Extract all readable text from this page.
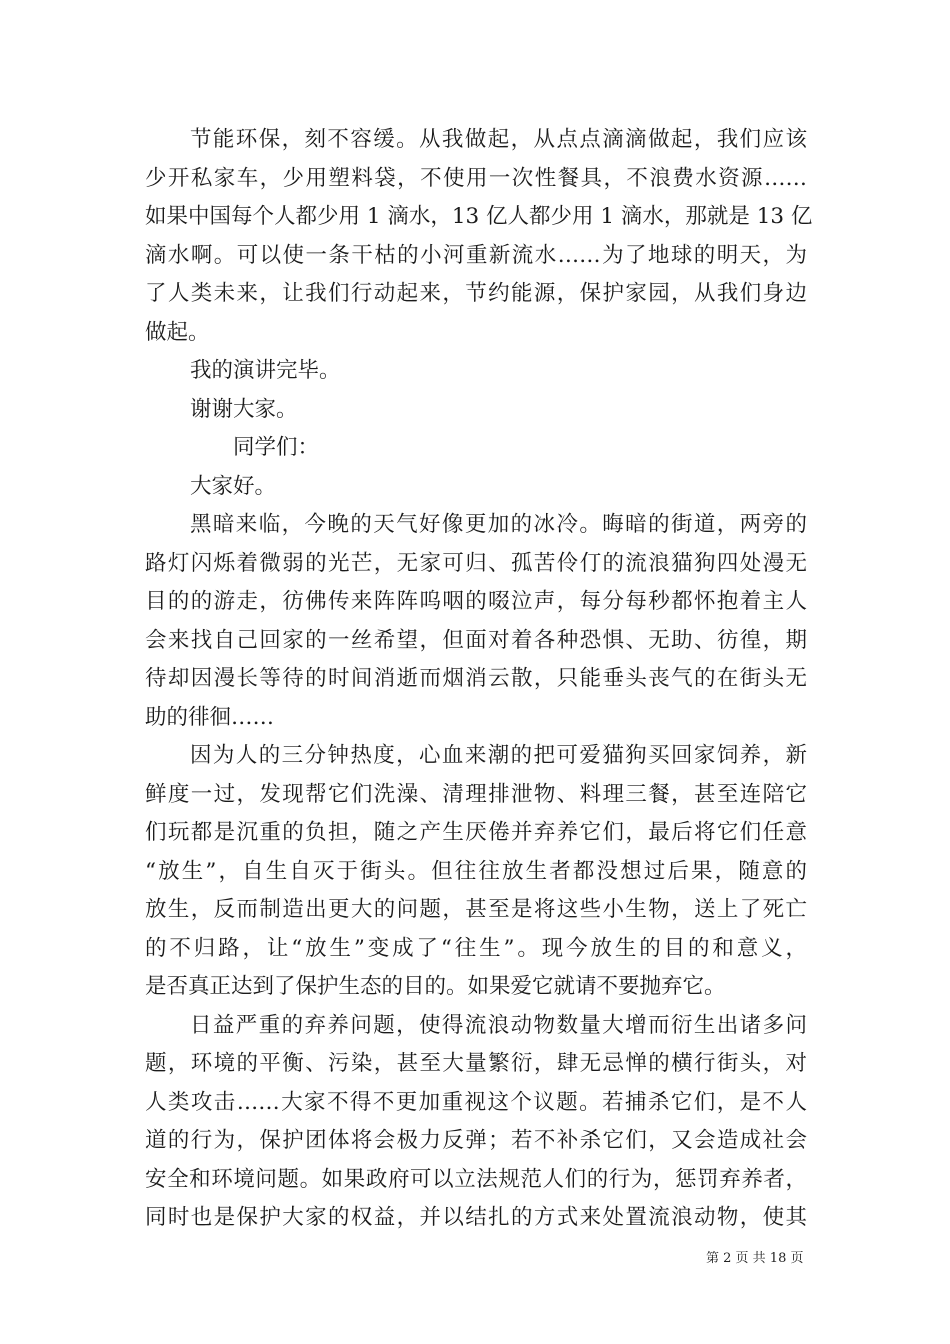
节能环保，刻不容缓。从我做起，从点点滴滴做起，我们应该
少开私家车，少用塑料袋，不使用一次性餐具，不浪费水资源……
如果中国每个人都少用 1 滴水，13 亿人都少用 1 滴水，那就是 13 亿
滴水啊。可以使一条干枯的小河重新流水……为了地球的明天，为
了人类未来，让我们行动起来，节约能源，保护家园，从我们身边
做起。
我的演讲完毕。
谢谢大家。
同学们：
大家好。
黑暗来临，今晚的天气好像更加的冰冷。晦暗的街道，两旁的
路灯闪烁着微弱的光芒，无家可归、孤苦伶仃的流浪猫狗四处漫无
目的的游走，彷佛传来阵阵呜咽的啜泣声，每分每秒都怀抱着主人
会来找自己回家的一丝希望，但面对着各种恐惧、无助、彷徨，期
待却因漫长等待的时间消逝而烟消云散，只能垂头丧气的在街头无
助的徘徊……
因为人的三分钟热度，心血来潮的把可爱猫狗买回家饲养，新
鲜度一过，发现帮它们洗澡、清理排泄物、料理三餐，甚至连陪它
们玩都是沉重的负担，随之产生厌倦并弃养它们，最后将它们任意
“放生”，自生自灭于街头。但往往放生者都没想过后果，随意的
放生，反而制造出更大的问题，甚至是将这些小生物，送上了死亡
的不归路，让“放生”变成了“往生”。现今放生的目的和意义，
是否真正达到了保护生态的目的。如果爱它就请不要抛弃它。
日益严重的弃养问题，使得流浪动物数量大增而衍生出诸多问
题，环境的平衡、污染，甚至大量繁衍，肆无忌惮的横行街头，对
人类攻击……大家不得不更加重视这个议题。若捕杀它们，是不人
道的行为，保护团体将会极力反弹；若不补杀它们，又会造成社会
安全和环境问题。如果政府可以立法规范人们的行为，惩罚弃养者，
同时也是保护大家的权益，并以结扎的方式来处置流浪动物，使其
第 2 页 共 18 页
